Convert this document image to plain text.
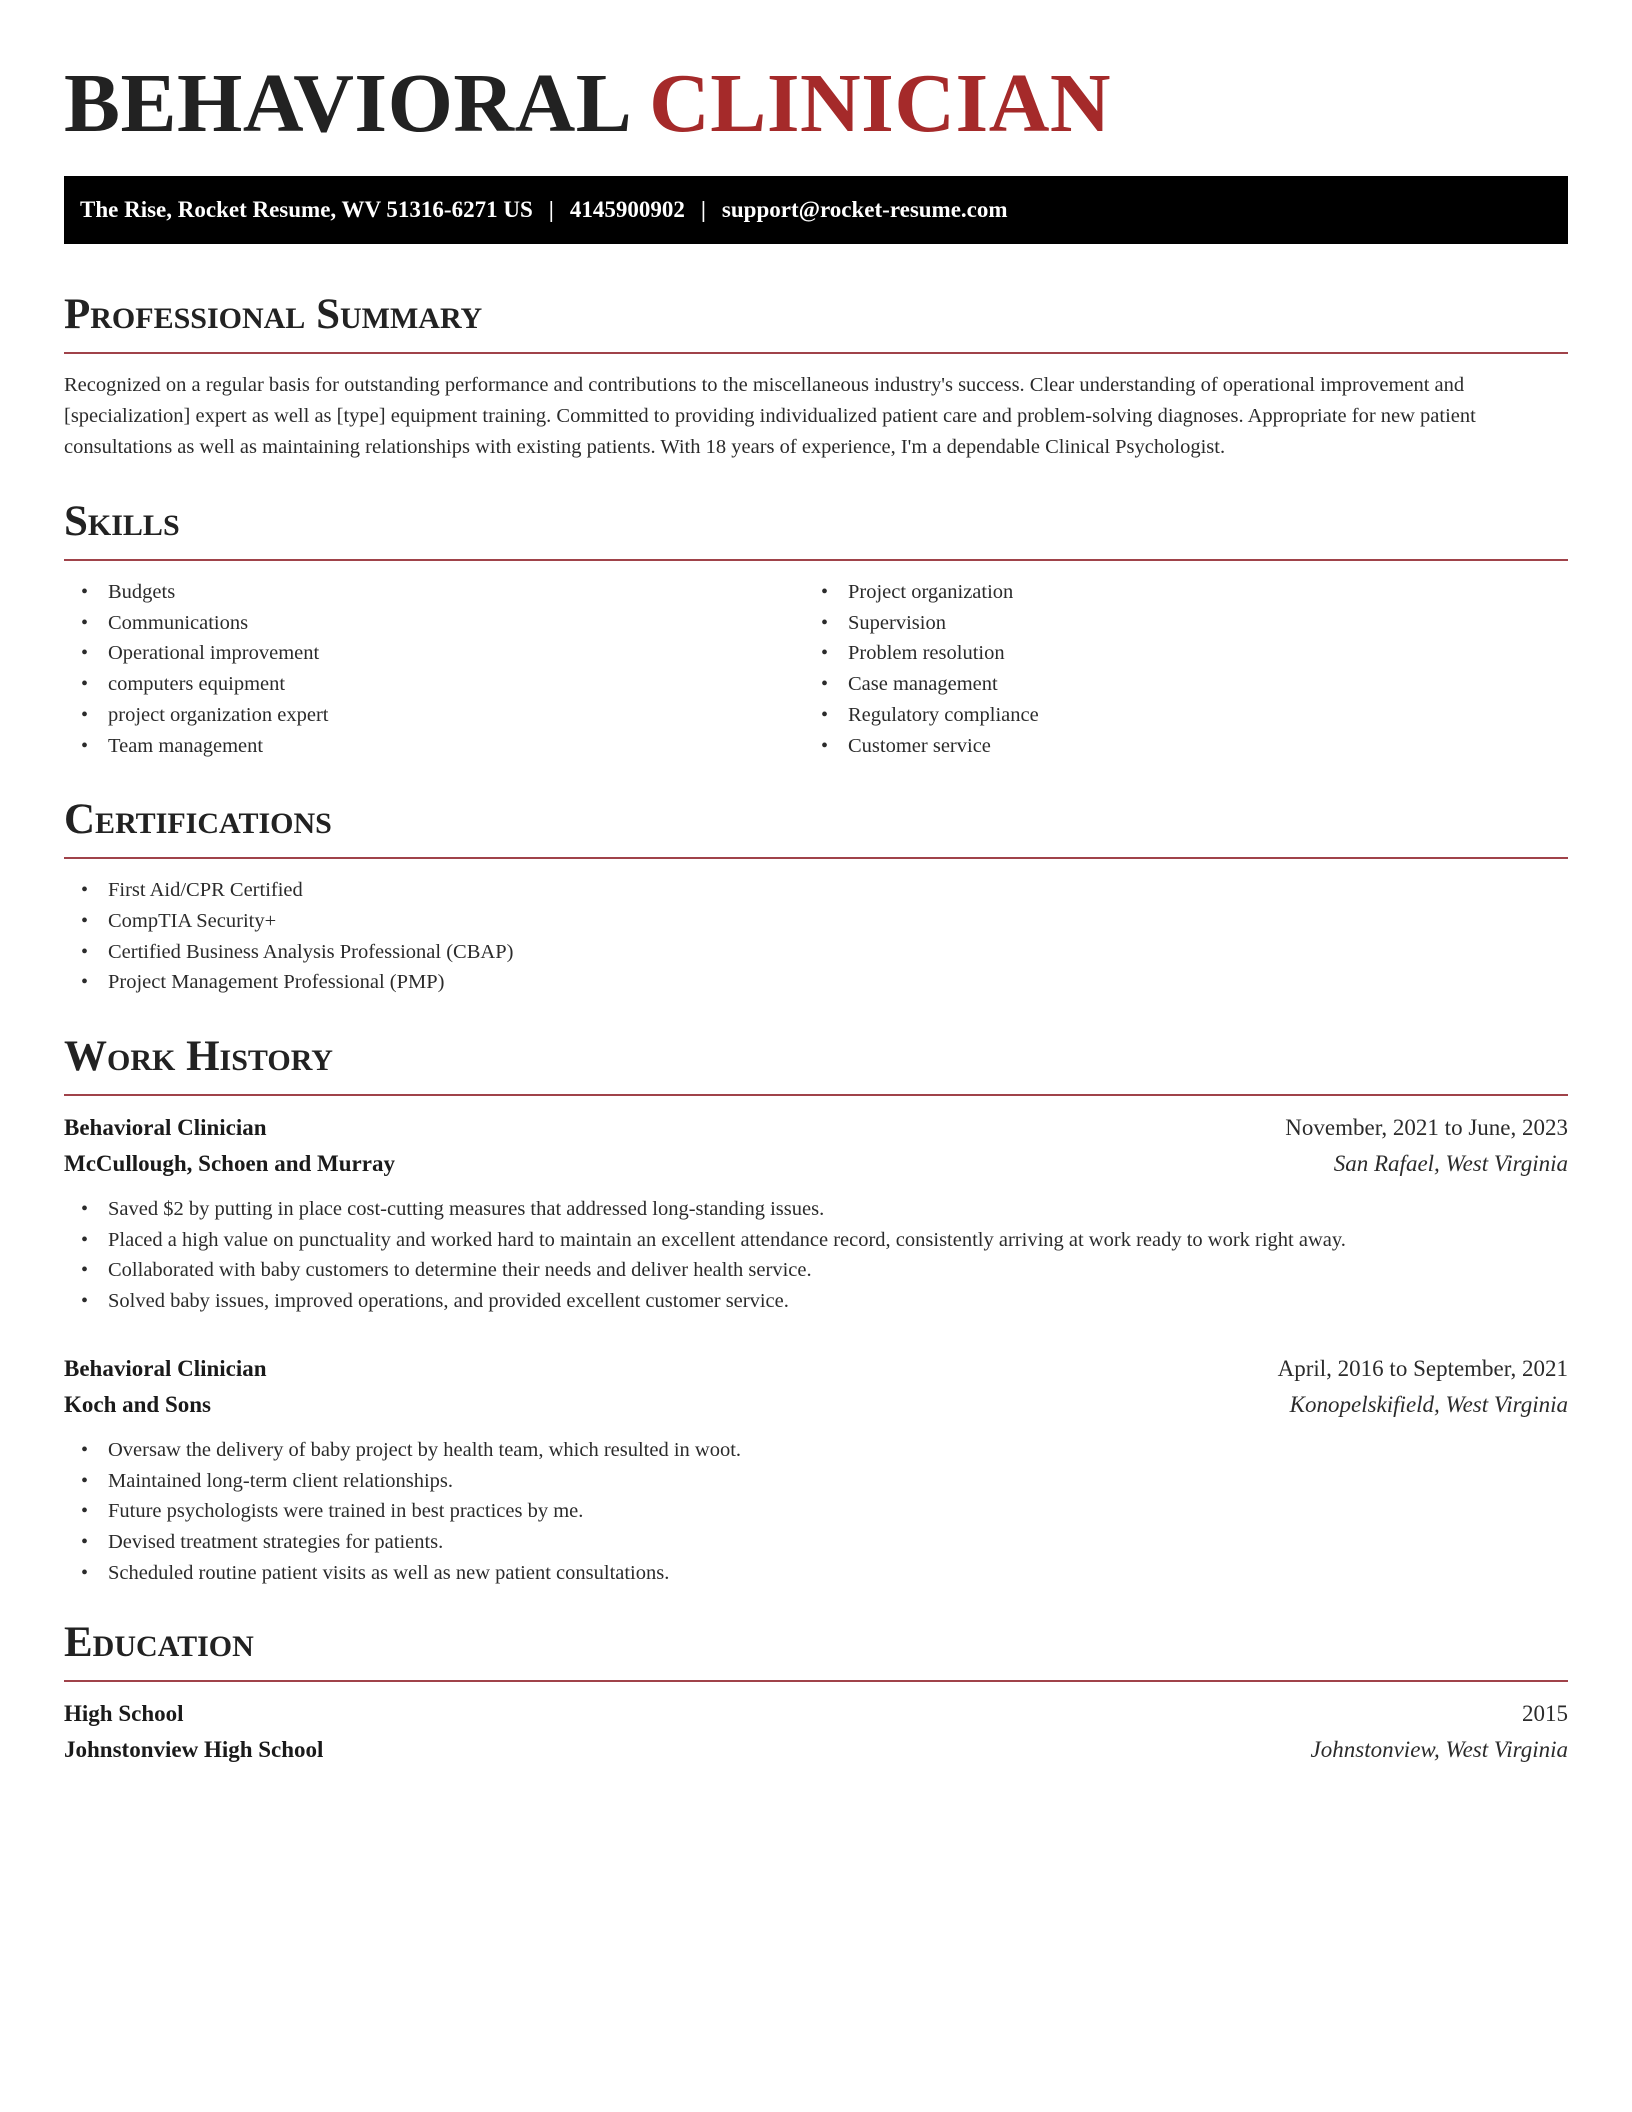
BEHAVIORAL CLINICIAN
The Rise, Rocket Resume, WV 51316-6271 US | 4145900902 | support@rocket-resume.com
Professional Summary

Recognized on a regular basis for outstanding performance and contributions to the miscellaneous industry's success. Clear understanding of operational improvement and [specialization] expert as well as [type] equipment training. Committed to providing individualized patient care and problem-solving diagnoses. Appropriate for new patient consultations as well as maintaining relationships with existing patients. With 18 years of experience, I'm a dependable Clinical Psychologist.

Skills
• Budgets
• Communications
• Operational improvement
• computers equipment
• project organization expert
• Team management
• Project organization
• Supervision
• Problem resolution
• Case management
• Regulatory compliance
• Customer service
Certifications
• First Aid/CPR Certified
• CompTIA Security+
• Certified Business Analysis Professional (CBAP)
• Project Management Professional (PMP)
Work History
Behavioral Clinician	November, 2021 to June, 2023
McCullough, Schoen and Murray	San Rafael, West Virginia
• Saved $2 by putting in place cost-cutting measures that addressed long-standing issues.
• Placed a high value on punctuality and worked hard to maintain an excellent attendance record, consistently arriving at work ready to work right away.
• Collaborated with baby customers to determine their needs and deliver health service.
• Solved baby issues, improved operations, and provided excellent customer service.
Behavioral Clinician	April, 2016 to September, 2021
Koch and Sons	Konopelskifield, West Virginia
• Oversaw the delivery of baby project by health team, which resulted in woot.
• Maintained long-term client relationships.
• Future psychologists were trained in best practices by me.
• Devised treatment strategies for patients.
• Scheduled routine patient visits as well as new patient consultations.
Education
High School	2015
Johnstonview High School	Johnstonview, West Virginia
